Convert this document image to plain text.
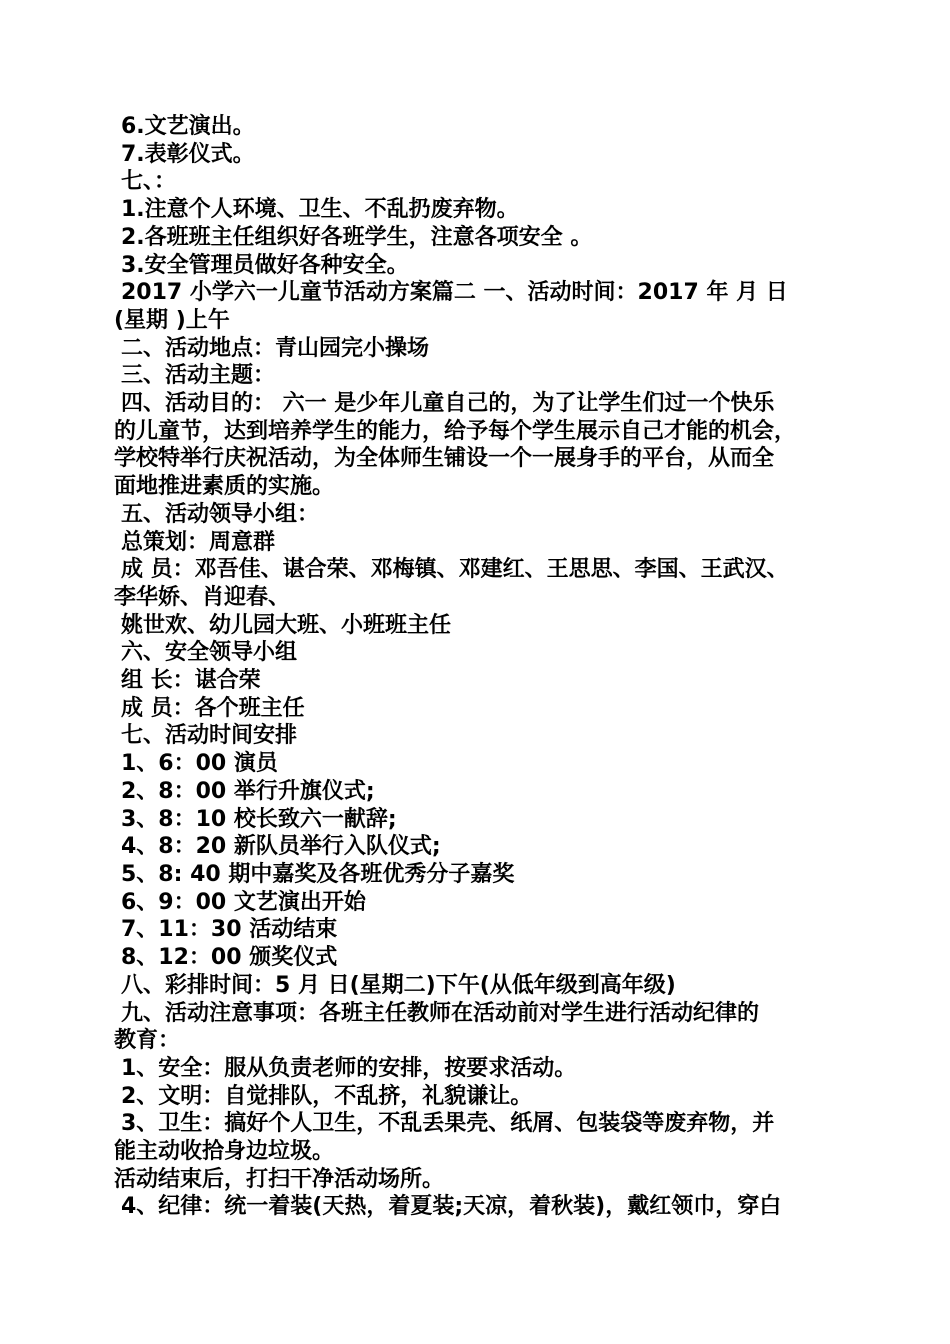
6.文艺演出。
7.表彰仪式。
七、：
1.注意个人环境、卫生、不乱扔废弃物。
2.各班班主任组织好各班学生，注意各项安全 。
3.安全管理员做好各种安全。
2017 小学六一儿童节活动方案篇二 一、活动时间：2017 年 月 日
(星期 )上午
二、活动地点：青山园完小操场
三、活动主题：
四、活动目的： 六一 是少年儿童自己的，为了让学生们过一个快乐
的儿童节，达到培养学生的能力，给予每个学生展示自己才能的机会，
学校特举行庆祝活动，为全体师生铺设一个一展身手的平台，从而全
面地推进素质的实施。
五、活动领导小组：
总策划：周意群
成 员：邓吾佳、谌合荣、邓梅镇、邓建红、王思思、李国、王武汉、
李华娇、肖迎春、
姚世欢、幼儿园大班、小班班主任
六、安全领导小组
组 长：谌合荣
成 员：各个班主任
七、活动时间安排
1、6：00 演员
2、8：00 举行升旗仪式;
3、8：10 校长致六一献辞;
4、8：20 新队员举行入队仪式;
5、8: 40 期中嘉奖及各班优秀分子嘉奖
6、9：00 文艺演出开始
7、11：30 活动结束
8、12：00 颁奖仪式
八、彩排时间：5 月 日(星期二)下午(从低年级到高年级)
九、活动注意事项：各班主任教师在活动前对学生进行活动纪律的
教育：
1、安全：服从负责老师的安排，按要求活动。
2、文明：自觉排队，不乱挤，礼貌谦让。
3、卫生：搞好个人卫生，不乱丢果壳、纸屑、包装袋等废弃物，并
能主动收拾身边垃圾。
活动结束后，打扫干净活动场所。
4、纪律：统一着装(天热，着夏装;天凉，着秋装)，戴红领巾，穿白
